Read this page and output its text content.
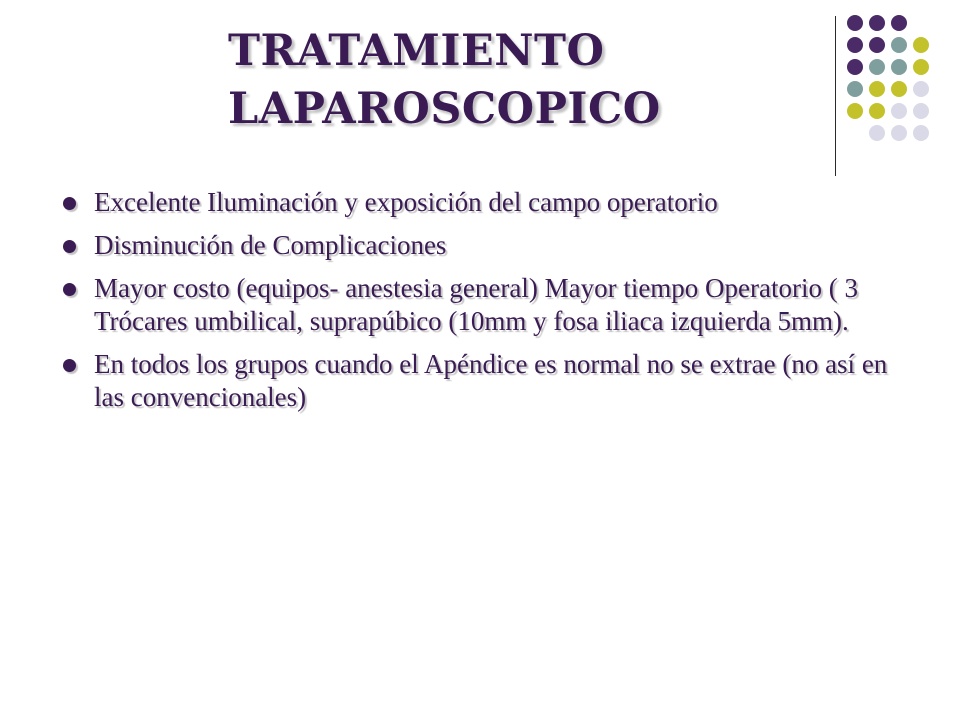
TRATAMIENTO
LAPAROSCOPICO
Excelente Iluminación y exposición del campo operatorio
Disminución de Complicaciones
Mayor costo (equipos- anestesia general) Mayor tiempo Operatorio ( 3 Trócares umbilical, suprapúbico (10mm y fosa iliaca izquierda 5mm).
En todos los grupos cuando el Apéndice es normal no se extrae (no así en las convencionales)
